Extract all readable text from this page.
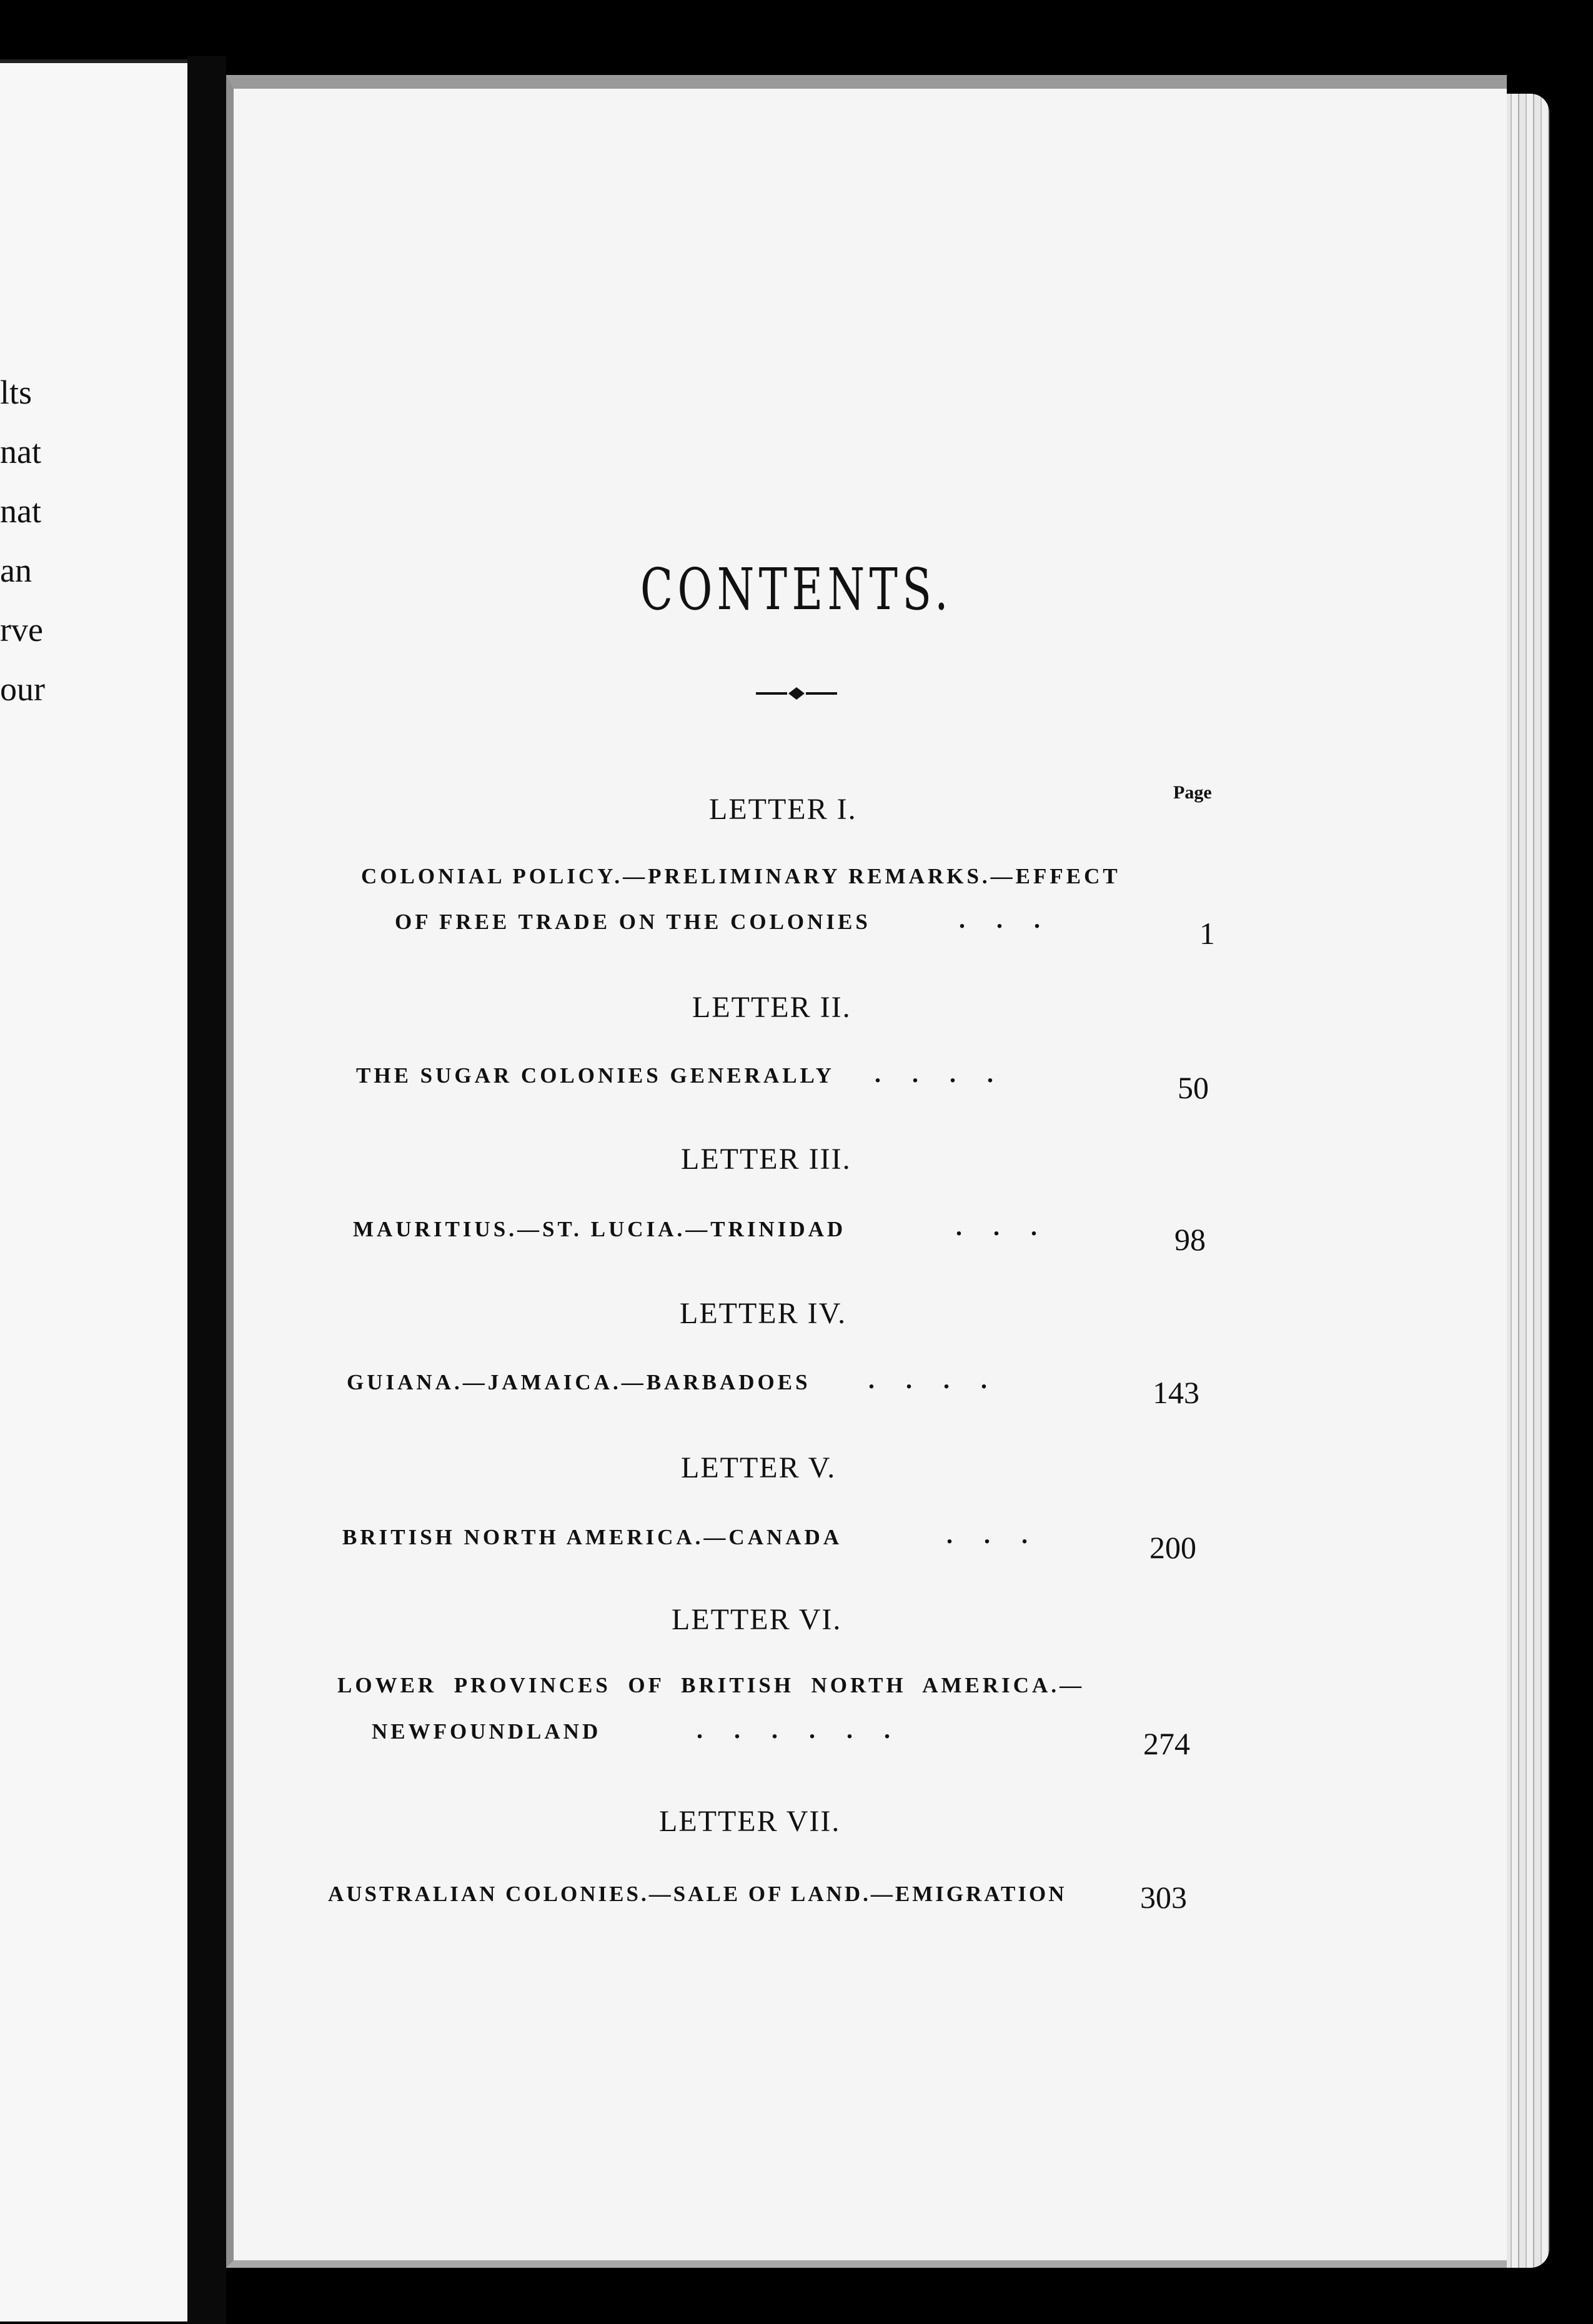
lts
nat
nat
an
rve
our
CONTENTS.
Page
LETTER I.
COLONIAL POLICY.—PRELIMINARY REMARKS.—EFFECT
OF FREE TRADE ON THE COLONIES	.     .     .	1
LETTER II.
THE SUGAR COLONIES GENERALLY .     .     .     .	50
LETTER III.
MAURITIUS.—ST. LUCIA.—TRINIDAD	.     .     .	98
LETTER IV.
GUIANA.—JAMAICA.—BARBADOES .     .     .     .	143
LETTER V.
BRITISH NORTH AMERICA.—CANADA	.     .     .	200
LETTER VI.
LOWER  PROVINCES  OF  BRITISH  NORTH  AMERICA.—
NEWFOUNDLAND	.     .     .     .     .     .	274
LETTER VII.
AUSTRALIAN COLONIES.—SALE OF LAND.—EMIGRATION 303
